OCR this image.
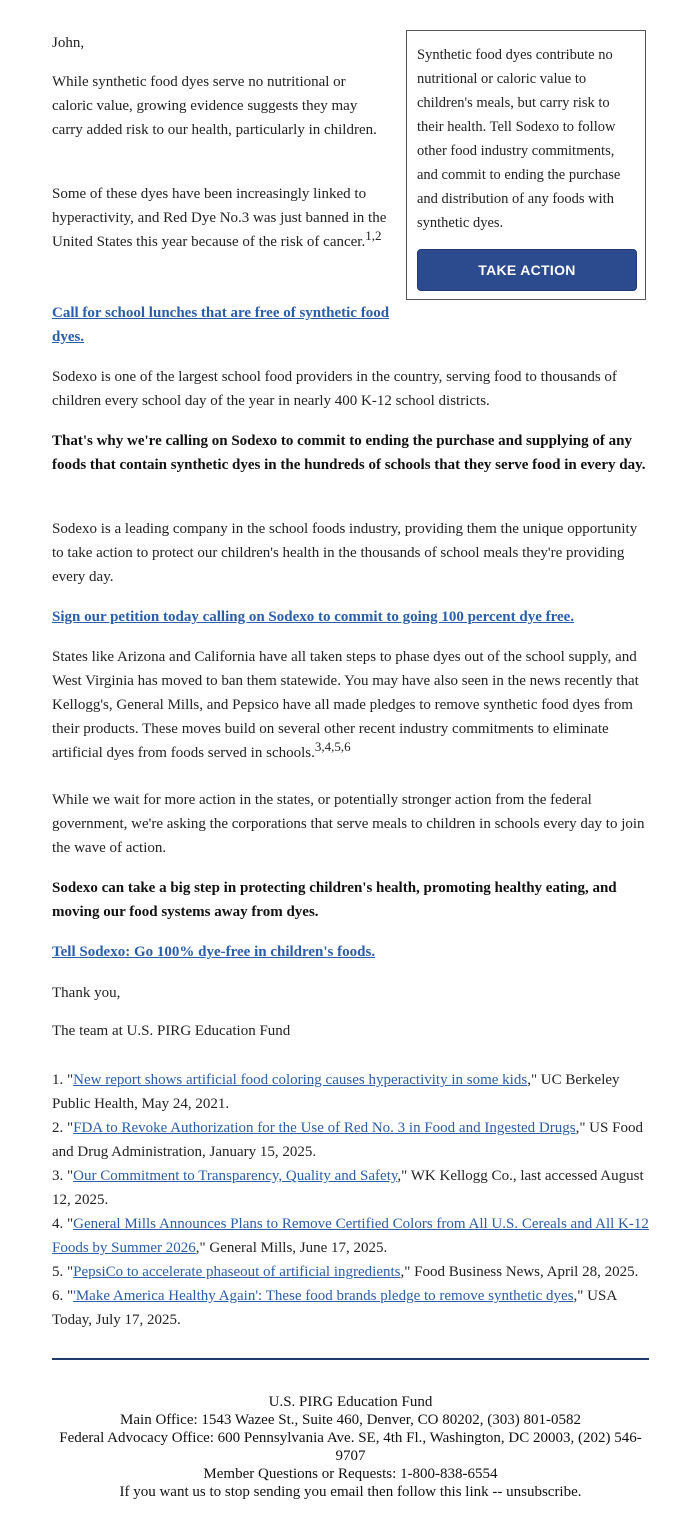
John,

While synthetic food dyes serve no nutritional or caloric value, growing evidence suggests they may carry added risk to our health, particularly in children.

Some of these dyes have been increasingly linked to hyperactivity, and Red Dye No.3 was just banned in the United States this year because of the risk of cancer.$^{1,2}$

Call for school lunches that are free of synthetic food dyes.

Sodexo is one of the largest school food providers in the country, serving food to thousands of children every school day of the year in nearly 400 K-12 school districts.

That's why we're calling on Sodexo to commit to ending the purchase and supplying of any foods that contain synthetic dyes in the hundreds of schools that they serve food in every day.

Sodexo is a leading company in the school foods industry, providing them the unique opportunity to take action to protect our children's health in the thousands of school meals they're providing every day.

Sign our petition today calling on Sodexo to commit to going 100 percent dye free.

States like Arizona and California have all taken steps to phase dyes out of the school supply, and West Virginia has moved to ban them statewide. You may have also seen in the news recently that Kellogg's, General Mills, and Pepsico have all made pledges to remove synthetic food dyes from their products. These moves build on several other recent industry commitments to eliminate artificial dyes from foods served in schools.$^{3,4,5,6}$

While we wait for more action in the states, or potentially stronger action from the federal government, we're asking the corporations that serve meals to children in schools every day to join the wave of action.

Sodexo can take a big step in protecting children's health, promoting healthy eating, and moving our food systems away from dyes.

Tell Sodexo: Go 100% dye-free in children's foods.

Thank you,

The team at U.S. PIRG Education Fund

1. "New report shows artificial food coloring causes hyperactivity in some kids," UC Berkeley Public Health, May 24, 2021.
2. "FDA to Revoke Authorization for the Use of Red No. 3 in Food and Ingested Drugs," US Food and Drug Administration, January 15, 2025.
3. "Our Commitment to Transparency, Quality and Safety," WK Kellogg Co., last accessed August 12, 2025.
4. "General Mills Announces Plans to Remove Certified Colors from All U.S. Cereals and All K-12 Foods by Summer 2026," General Mills, June 17, 2025.
5. "PepsiCo to accelerate phaseout of artificial ingredients," Food Business News, April 28, 2025.
6. "'Make America Healthy Again': These food brands pledge to remove synthetic dyes," USA Today, July 17, 2025.
Synthetic food dyes contribute no nutritional or caloric value to children's meals, but carry risk to their health. Tell Sodexo to follow other food industry commitments, and commit to ending the purchase and distribution of any foods with synthetic dyes.
TAKE ACTION
U.S. PIRG Education Fund
Main Office: 1543 Wazee St., Suite 460, Denver, CO 80202, (303) 801-0582
Federal Advocacy Office: 600 Pennsylvania Ave. SE, 4th Fl., Washington, DC 20003, (202) 546-9707
Member Questions or Requests: 1-800-838-6554
If you want us to stop sending you email then follow this link -- unsubscribe.
